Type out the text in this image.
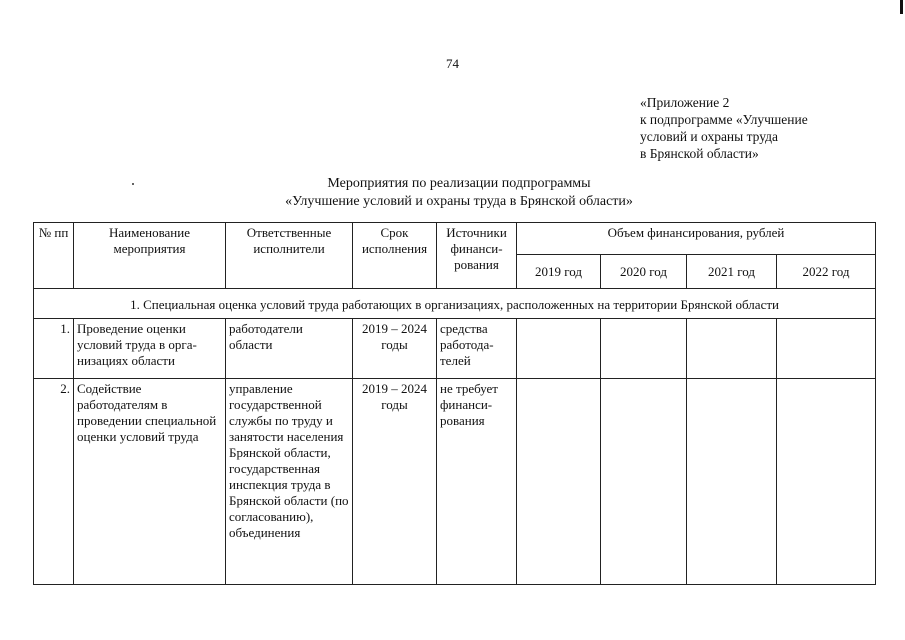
74
«Приложение 2
к подпрограмме «Улучшение
условий и охраны труда
в Брянской области»
Мероприятия по реализации подпрограммы
«Улучшение условий и охраны труда в Брянской области»
№ пп	Наименование мероприятия	Ответственные исполнители	Срок исполнения	Источники финанси-рования	Объем финансирования, рублей			
					2019 год	2020 год	2021 год	2022 год
1. Специальная оценка условий труда работающих в организациях, расположенных на территории Брянской области								
1.	Проведение оценки условий труда в орга-низациях области	работодатели области	2019 – 2024 годы	средства работода-телей				
2.	Содействие работодателям в проведении специальной оценки условий труда	управление государственной службы по труду и занятости населения Брянской области, государственная инспекция труда в Брянской области (по согласованию), объединения	2019 – 2024 годы	не требует финанси-рования				
